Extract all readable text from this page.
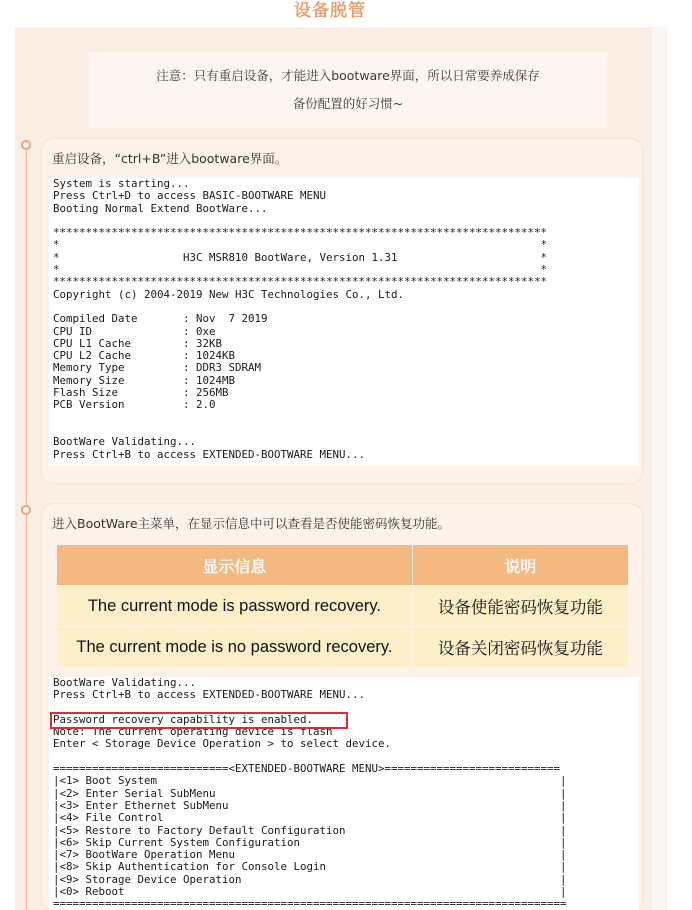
设备脱管
注意：只有重启设备，才能进入bootware界面，所以日常要养成保存
备份配置的好习惯~
重启设备，“ctrl+B”进入bootware界面。
System is starting...
Press Ctrl+D to access BASIC-BOOTWARE MENU
Booting Normal Extend BootWare...

****************************************************************************
*                                                                          *
*                   H3C MSR810 BootWare, Version 1.31                      *
*                                                                          *
****************************************************************************
Copyright (c) 2004-2019 New H3C Technologies Co., Ltd.

Compiled Date       : Nov  7 2019
CPU ID              : 0xe
CPU L1 Cache        : 32KB
CPU L2 Cache        : 1024KB
Memory Type         : DDR3 SDRAM
Memory Size         : 1024MB
Flash Size          : 256MB
PCB Version         : 2.0

BootWare Validating...
Press Ctrl+B to access EXTENDED-BOOTWARE MENU...
进入BootWare主菜单，在显示信息中可以查看是否使能密码恢复功能。
显示信息	说明
The current mode is password recovery.	设备使能密码恢复功能
The current mode is no password recovery.	设备关闭密码恢复功能
BootWare Validating...
Press Ctrl+B to access EXTENDED-BOOTWARE MENU...

Password recovery capability is enabled.
Note: The current operating device is flash
Enter < Storage Device Operation > to select device.

===========================<EXTENDED-BOOTWARE MENU>===========================
|<1> Boot System                                                              |
|<2> Enter Serial SubMenu                                                     |
|<3> Enter Ethernet SubMenu                                                   |
|<4> File Control                                                             |
|<5> Restore to Factory Default Configuration                                 |
|<6> Skip Current System Configuration                                        |
|<7> BootWare Operation Menu                                                  |
|<8> Skip Authentication for Console Login                                    |
|<9> Storage Device Operation                                                 |
|<0> Reboot                                                                   |
===============================================================================
